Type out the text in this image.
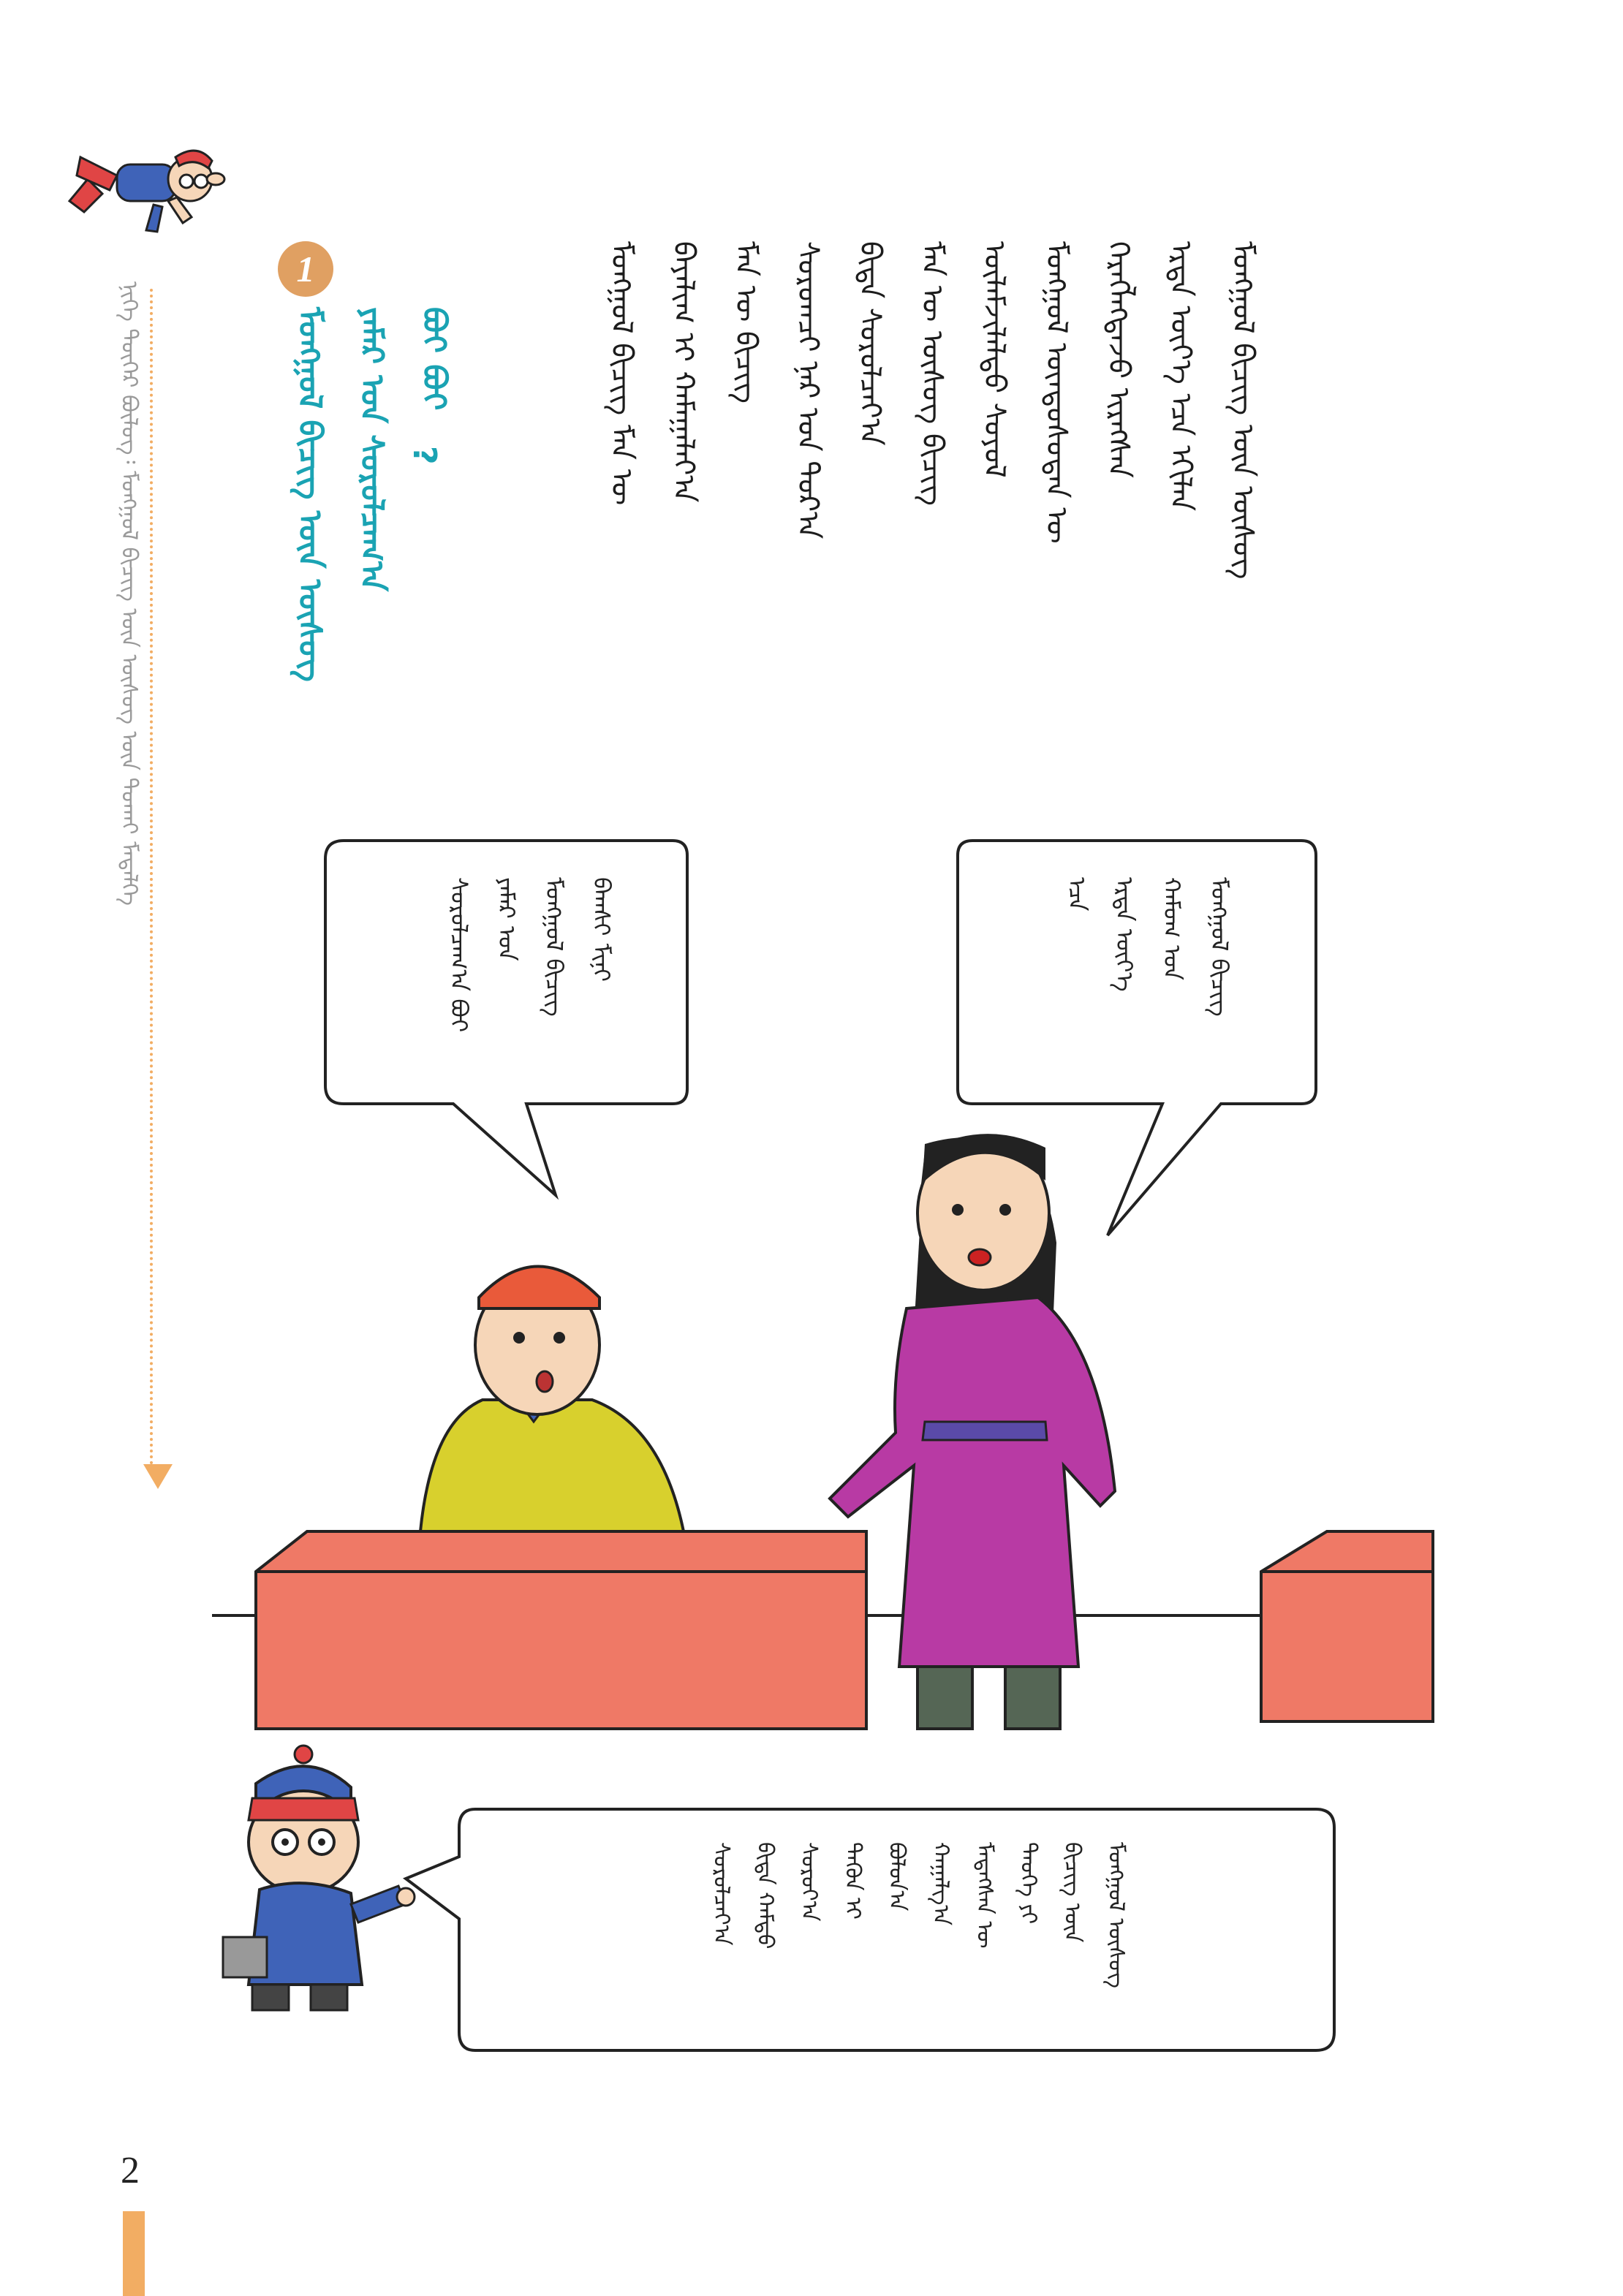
ᠨᠢᠭᠡ ᠳᠦᠭᠡᠷ ᠪᠦᠯᠦᠭ᠄ ᠮᠣᠩᠭᠣᠯ ᠪᠢᠴᠢᠭ᠌ ᠦᠨ ᠦᠰᠦᠭ ᠦᠨ ᠲᠤᠬᠠᠢ ᠮᠡᠳᠡᠯᠭᠡ
1
ᠮᠣᠩᠭᠣᠯ ᠪᠢᠴᠢᠭ᠌ ᠦᠨ ᠦᠰᠦᠭ ᠶᠠᠮᠠᠷ ᠤᠨ ᠰᠤᠷᠤᠯᠴᠠᠭ᠎ᠠ ᠪᠤᠢ ᠪᠤᠢ
?	ᠮᠣᠩᠭᠣᠯ ᠪᠢᠴᠢᠭ᠌ ᠦᠨ ᠦᠰᠦᠭ
ᠡᠷᠲᠡ ᠦᠶ᠎ᠡ ᠡᠴᠡ ᠡᠬᠢᠯᠡᠨ
ᠬᠡᠷᠡᠭᠯᠡᠭᠳᠡᠵᠦ ᠢᠷᠡᠭᠰᠡᠨ
ᠮᠣᠩᠭᠣᠯ ᠦᠨᠳᠦᠰᠦᠲᠡᠨ ᠦ
ᠦᠯᠠᠮᠵᠢᠯᠠᠯᠲᠤ ᠰᠣᠶᠣᠯ
ᠮᠠᠨ ᠦ ᠦᠰᠦᠭ ᠪᠢᠴᠢᠭ᠌
ᠪᠢᠳᠡ ᠰᠤᠷᠤᠯᠴᠠᠶ᠎ᠠ
ᠰᠤᠷᠤᠭᠴᠢ ᠨᠠᠷ ᠤᠨ ᠳᠤᠷ᠎ᠠ
ᠮᠠᠨ ᠦ ᠪᠢᠴᠢᠭ᠌
ᠪᠠᠶᠠᠯᠢᠭ ᠢ ᠬᠠᠮᠠᠭᠠᠯᠠᠶ᠎ᠠ
ᠮᠣᠩᠭᠣᠯ ᠪᠢᠴᠢᠭ᠌ ᠮᠠᠨ ᠦ
ᠪᠠᠭᠰᠢ ᠮᠢᠨᠢ
ᠮᠣᠩᠭᠣᠯ ᠪᠢᠴᠢᠭ᠌
ᠶᠠᠮᠠᠷ ᠤᠨ
ᠰᠤᠷᠤᠯᠴᠠᠭ᠎ᠠ ᠪᠤᠢ	ᠮᠣᠩᠭᠣᠯ ᠪᠢᠴᠢᠭ᠌
ᠬᠠᠮᠤᠭ ᠤᠨ
ᠡᠷᠲᠡ ᠦᠶ᠎ᠡ
ᠡᠴᠡ
ᠮᠣᠩᠭᠣᠯ ᠦᠰᠦᠭ
ᠪᠢᠴᠢᠭ᠌ ᠦᠨ
ᠲᠡᠦᠬᠡ ᠶᠢ
ᠮᠡᠳᠡᠭᠰᠡᠨ ᠦ
ᠬᠠᠭᠠᠯᠭ᠎ᠠ
ᠪᠤᠯᠤᠨ᠎ᠠ
ᠲᠡᠭᠦᠨ ᠢ
ᠰᠤᠷᠤᠶ᠎ᠠ
ᠪᠢᠳᠡ ᠬᠠᠮᠲᠤ
ᠰᠤᠷᠤᠯᠴᠠᠶ᠎ᠠ
2
